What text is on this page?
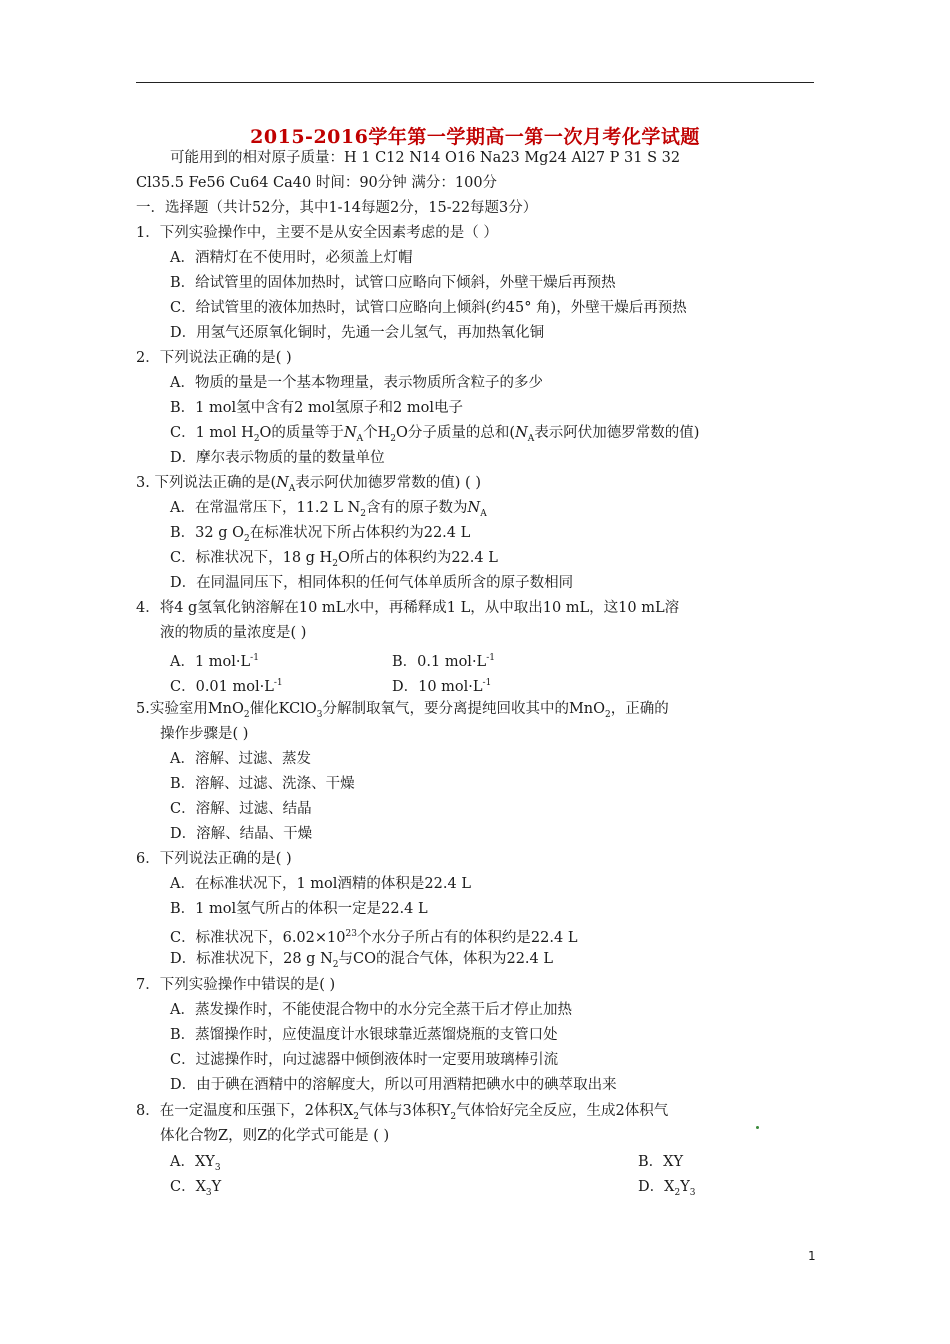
2015-2016学年第一学期高一第一次月考化学试题
可能用到的相对原子质量：H 1 C12 N14 O16 Na23 Mg24 Al27 P 31 S 32
Cl35.5 Fe56 Cu64 Ca40 时间：90分钟 满分：100分
一．选择题（共计52分，其中1-14每题2分，15-22每题3分）
1．下列实验操作中，主要不是从安全因素考虑的是（ ）
A．酒精灯在不使用时，必须盖上灯帽
B．给试管里的固体加热时，试管口应略向下倾斜，外壁干燥后再预热
C．给试管里的液体加热时，试管口应略向上倾斜(约45° 角)，外壁干燥后再预热
D．用氢气还原氧化铜时，先通一会儿氢气，再加热氧化铜
2．下列说法正确的是( )
A．物质的量是一个基本物理量，表示物质所含粒子的多少
B．1 mol氢中含有2 mol氢原子和2 mol电子
C．1 mol $H_2O$的质量等于$N_A$个$H_2O$分子质量的总和($N_A$表示阿伏加德罗常数的值)
D．摩尔表示物质的量的数量单位
3. 下列说法正确的是($N_A$表示阿伏加德罗常数的值) ( )
A．在常温常压下，11.2 L $N_2$含有的原子数为$N_A$
B．32 g $O_2$在标准状况下所占体积约为22.4 L
C．标准状况下，18 g $H_2O$所占的体积约为22.4 L
D．在同温同压下，相同体积的任何气体单质所含的原子数相同
4．将4 g氢氧化钠溶解在10 mL水中，再稀释成1 L，从中取出10 mL，这10 mL溶
液的物质的量浓度是( )
A．1 $mol\cdot L^{-1}$	B．0.1 $mol\cdot L^{-1}$
C．0.01 $mol\cdot L^{-1}$	D．10 $mol\cdot L^{-1}$
5.实验室用MnO$_2$催化KClO$_3$分解制取氧气，要分离提纯回收其中的MnO$_2$，正确的
操作步骤是( )
A．溶解、过滤、蒸发
B．溶解、过滤、洗涤、干燥
C．溶解、过滤、结晶
D．溶解、结晶、干燥
6．下列说法正确的是( )
A．在标准状况下，1 mol酒精的体积是22.4 L
B．1 mol氢气所占的体积一定是22.4 L
C．标准状况下，$6.02\times 10^{23}$个水分子所占有的体积约是22.4 L
D．标准状况下，28 g $N_2$与CO的混合气体，体积为22.4 L
7．下列实验操作中错误的是( )
A．蒸发操作时，不能使混合物中的水分完全蒸干后才停止加热
B．蒸馏操作时，应使温度计水银球靠近蒸馏烧瓶的支管口处
C．过滤操作时，向过滤器中倾倒液体时一定要用玻璃棒引流
D．由于碘在酒精中的溶解度大，所以可用酒精把碘水中的碘萃取出来
8．在一定温度和压强下，2体积$X_2$气体与3体积$Y_2$气体恰好完全反应，生成2体积气
体化合物Z，则Z的化学式可能是 ( )
A．$XY_3$	B．XY
C．$X_3Y$	D．$X_2Y_3$
1
